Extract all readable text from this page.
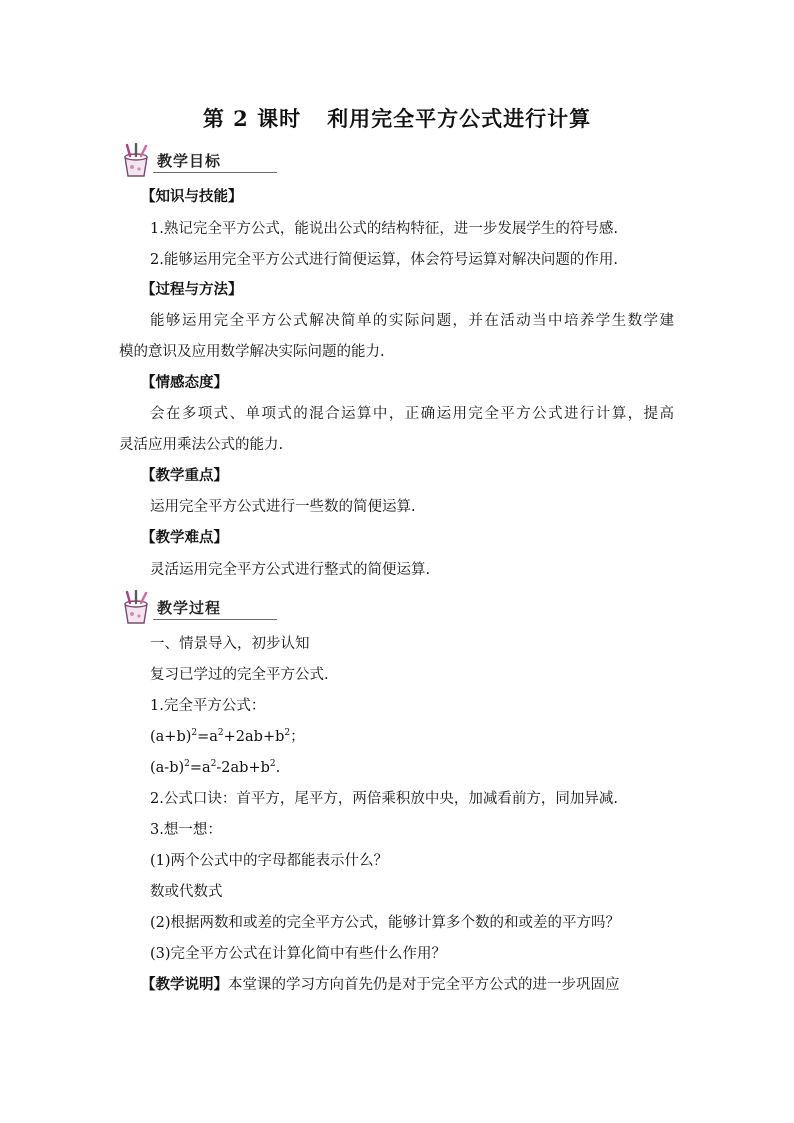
第 2 课时 利用完全平方公式进行计算
教学目标
【知识与技能】
1.熟记完全平方公式，能说出公式的结构特征，进一步发展学生的符号感.
2.能够运用完全平方公式进行简便运算，体会符号运算对解决问题的作用.
【过程与方法】
能够运用完全平方公式解决简单的实际问题，并在活动当中培养学生数学建
模的意识及应用数学解决实际问题的能力.
【情感态度】
会在多项式、单项式的混合运算中，正确运用完全平方公式进行计算，提高
灵活应用乘法公式的能力.
【教学重点】
运用完全平方公式进行一些数的简便运算.
【教学难点】
灵活运用完全平方公式进行整式的简便运算.
教学过程
一、情景导入，初步认知
复习已学过的完全平方公式.
1.完全平方公式：
$(a+b)^2=a^2+2ab+b^2$；
$(a-b)^2=a^2-2ab+b^2$.
2.公式口诀：首平方，尾平方，两倍乘积放中央，加减看前方，同加异减.
3.想一想：
(1)两个公式中的字母都能表示什么？
数或代数式
(2)根据两数和或差的完全平方公式，能够计算多个数的和或差的平方吗？
(3)完全平方公式在计算化简中有些什么作用？
【教学说明】本堂课的学习方向首先仍是对于完全平方公式的进一步巩固应
